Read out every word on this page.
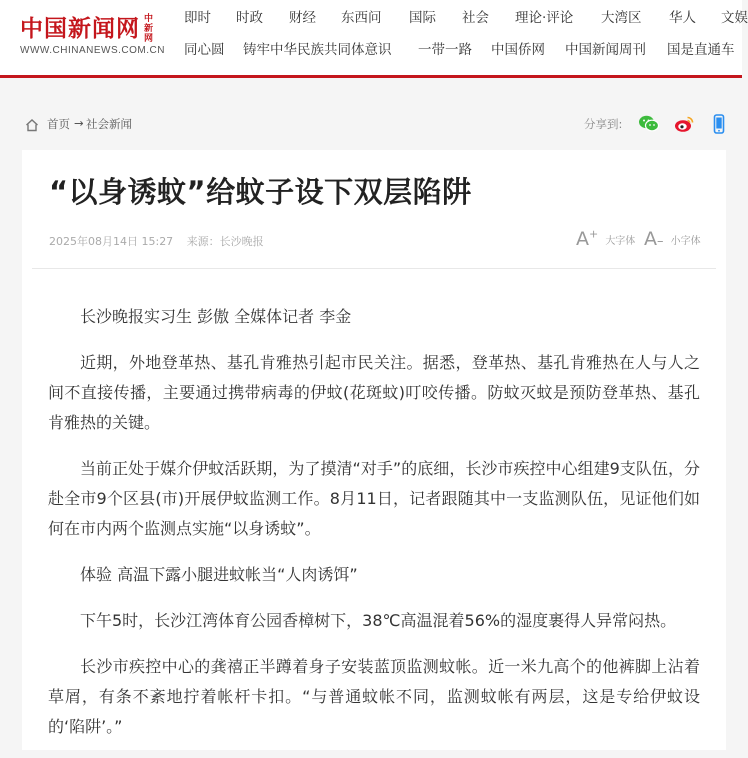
中国新闻网 中新网
WWW.CHINANEWS.COM.CN
即时 时政 财经 东西问 国际 社会 理论·评论 大湾区 华人 文娱
同心圆 铸牢中华民族共同体意识 一带一路 中国侨网 中国新闻周刊 国是直通车
首页 → 社会新闻	分享到:
“以身诱蚊”给蚊子设下双层陷阱
2025年08月14日 15:27 来源：长沙晚报	A+ 大字体 A– 小字体

长沙晚报实习生 彭傲 全媒体记者 李金

近期，外地登革热、基孔肯雅热引起市民关注。据悉，登革热、基孔肯雅热在人与人之间不直接传播，主要通过携带病毒的伊蚊(花斑蚊)叮咬传播。防蚊灭蚊是预防登革热、基孔肯雅热的关键。

当前正处于媒介伊蚊活跃期，为了摸清“对手”的底细，长沙市疾控中心组建9支队伍，分赴全市9个区县(市)开展伊蚊监测工作。8月11日，记者跟随其中一支监测队伍，见证他们如何在市内两个监测点实施“以身诱蚊”。

体验 高温下露小腿进蚊帐当“人肉诱饵”

下午5时，长沙江湾体育公园香樟树下，38℃高温混着56%的湿度裹得人异常闷热。

长沙市疾控中心的龚禧正半蹲着身子安装蓝顶监测蚊帐。近一米九高个的他裤脚上沾着草屑，有条不紊地拧着帐杆卡扣。“与普通蚊帐不同，监测蚊帐有两层，这是专给伊蚊设的‘陷阱’。”
